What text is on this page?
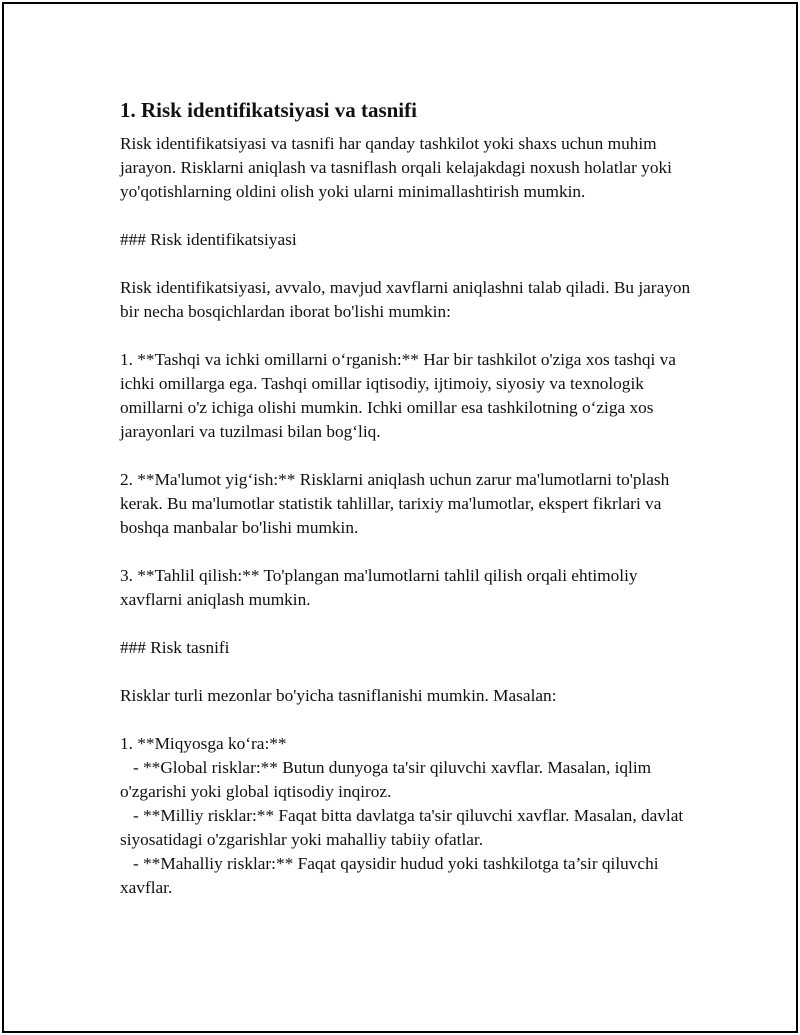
1. Risk identifikatsiyasi va tasnifi

Risk identifikatsiyasi va tasnifi har qanday tashkilot yoki shaxs uchun muhim jarayon. Risklarni aniqlash va tasniflash orqali kelajakdagi noxush holatlar yoki yo'qotishlarning oldini olish yoki ularni minimallashtirish mumkin.

### Risk identifikatsiyasi

Risk identifikatsiyasi, avvalo, mavjud xavflarni aniqlashni talab qiladi. Bu jarayon bir necha bosqichlardan iborat bo'lishi mumkin:

1. **Tashqi va ichki omillarni o‘rganish:** Har bir tashkilot o'ziga xos tashqi va ichki omillarga ega. Tashqi omillar iqtisodiy, ijtimoiy, siyosiy va texnologik omillarni o'z ichiga olishi mumkin. Ichki omillar esa tashkilotning o‘ziga xos jarayonlari va tuzilmasi bilan bog‘liq.

2. **Ma'lumot yig‘ish:** Risklarni aniqlash uchun zarur ma'lumotlarni to'plash kerak. Bu ma'lumotlar statistik tahlillar, tarixiy ma'lumotlar, ekspert fikrlari va boshqa manbalar bo'lishi mumkin.

3. **Tahlil qilish:** To'plangan ma'lumotlarni tahlil qilish orqali ehtimoliy xavflarni aniqlash mumkin.

### Risk tasnifi

Risklar turli mezonlar bo'yicha tasniflanishi mumkin. Masalan:

1. **Miqyosga ko‘ra:**
- **Global risklar:** Butun dunyoga ta'sir qiluvchi xavflar. Masalan, iqlim o'zgarishi yoki global iqtisodiy inqiroz.
- **Milliy risklar:** Faqat bitta davlatga ta'sir qiluvchi xavflar. Masalan, davlat siyosatidagi o'zgarishlar yoki mahalliy tabiiy ofatlar.
- **Mahalliy risklar:** Faqat qaysidir hudud yoki tashkilotga ta’sir qiluvchi xavflar.
